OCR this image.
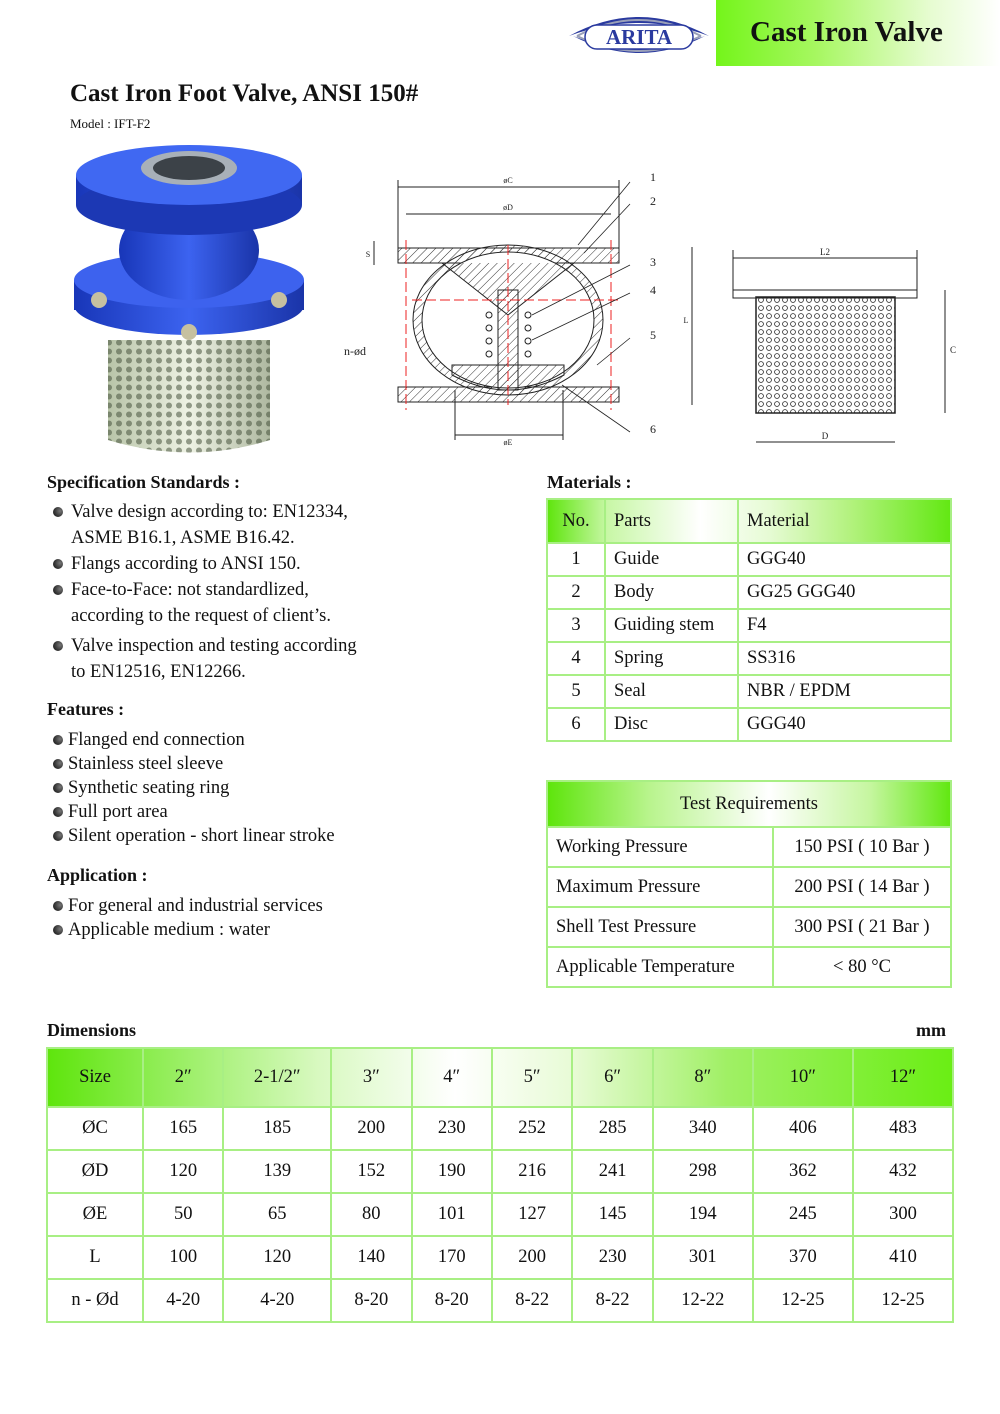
ARITA	Cast Iron Valve
Cast Iron Foot Valve, ANSI 150#
Model : IFT-F2
øC
øD
øE
S
L
n-ød
1
2
3
4
5
6
L2
D
C
Specification Standards :
Valve design according to: EN12334,
ASME B16.1, ASME B16.42.
Flangs according to ANSI 150.
Face-to-Face: not standardlized,
according to the request of client’s.
Valve inspection and testing according
to EN12516, EN12266.
Features :
Flanged end connection
Stainless steel sleeve
Synthetic seating ring
Full port area
Silent operation - short linear stroke
Application :
For general and industrial services
Applicable medium : water
Materials :
No.	Parts	Material
1	Guide	GGG40
2	Body	GG25 GGG40
3	Guiding stem	F4
4	Spring	SS316
5	Seal	NBR / EPDM
6	Disc	GGG40
Test Requirements	
Working Pressure	150 PSI ( 10 Bar )
Maximum Pressure	200 PSI ( 14 Bar )
Shell Test Pressure	300 PSI ( 21 Bar )
Applicable Temperature	< 80 °C
Dimensions	mm
Size	2″	2-1/2″	3″	4″	5″	6″	8″	10″	12″
ØC	165	185	200	230	252	285	340	406	483
ØD	120	139	152	190	216	241	298	362	432
ØE	50	65	80	101	127	145	194	245	300
L	100	120	140	170	200	230	301	370	410
n - Ød	4-20	4-20	8-20	8-20	8-22	8-22	12-22	12-25	12-25
